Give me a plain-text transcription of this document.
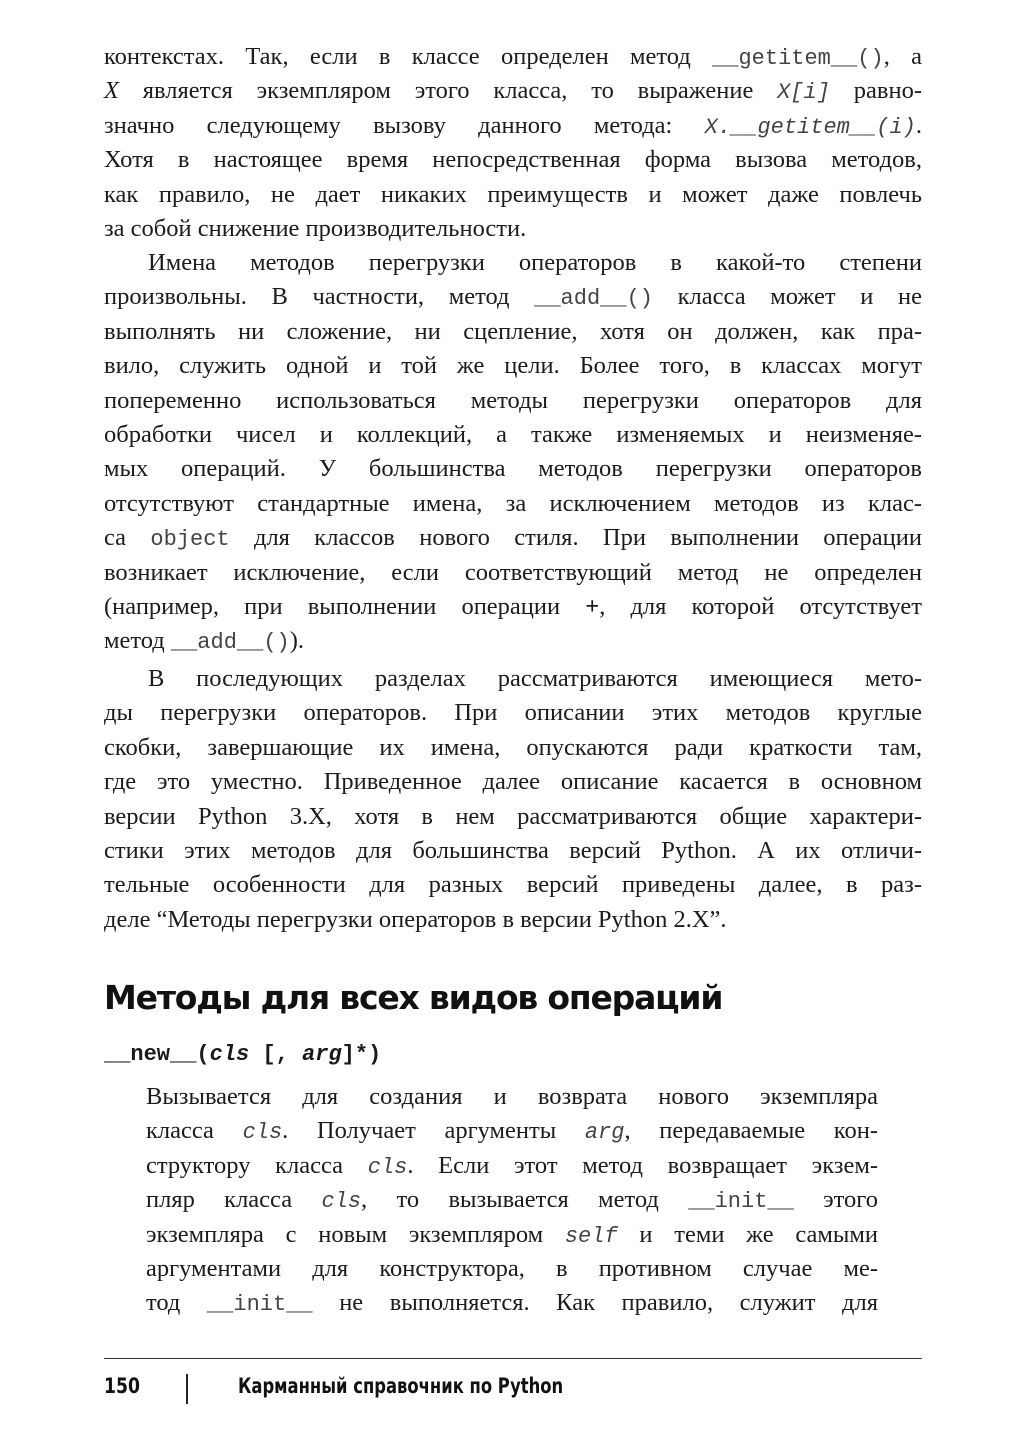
контекстах. Так, если в классе определен метод __getitem__(), а
X является экземпляром этого класса, то выражение X[i] равно-
значно следующему вызову данного метода: X.__getitem__(i).
Хотя в настоящее время непосредственная форма вызова методов,
как правило, не дает никаких преимуществ и может даже повлечь
за собой снижение производительности.
Имена методов перегрузки операторов в какой-то степени
произвольны. В частности, метод __add__() класса может и не
выполнять ни сложение, ни сцепление, хотя он должен, как пра-
вило, служить одной и той же цели. Более того, в классах могут
попеременно использоваться методы перегрузки операторов для
обработки чисел и коллекций, а также изменяемых и неизменяе-
мых операций. У большинства методов перегрузки операторов
отсутствуют стандартные имена, за исключением методов из клас-
са object для классов нового стиля. При выполнении операции
возникает исключение, если соответствующий метод не определен
(например, при выполнении операции +, для которой отсутствует
метод __add__()).
В последующих разделах рассматриваются имеющиеся мето-
ды перегрузки операторов. При описании этих методов круглые
скобки, завершающие их имена, опускаются ради краткости там,
где это уместно. Приведенное далее описание касается в основном
версии Python 3.X, хотя в нем рассматриваются общие характери-
стики этих методов для большинства версий Python. А их отличи-
тельные особенности для разных версий приведены далее, в раз-
деле “Методы перегрузки операторов в версии Python 2.X”.
Методы для всех видов операций
__new__(cls [, arg]*)
Вызывается для создания и возврата нового экземпляра
класса cls. Получает аргументы arg, передаваемые кон-
структору класса cls. Если этот метод возвращает экзем-
пляр класса cls, то вызывается метод __init__ этого
экземпляра с новым экземпляром self и теми же самыми
аргументами для конструктора, в противном случае ме-
тод __init__ не выполняется. Как правило, служит для
150	Карманный справочник по Python
